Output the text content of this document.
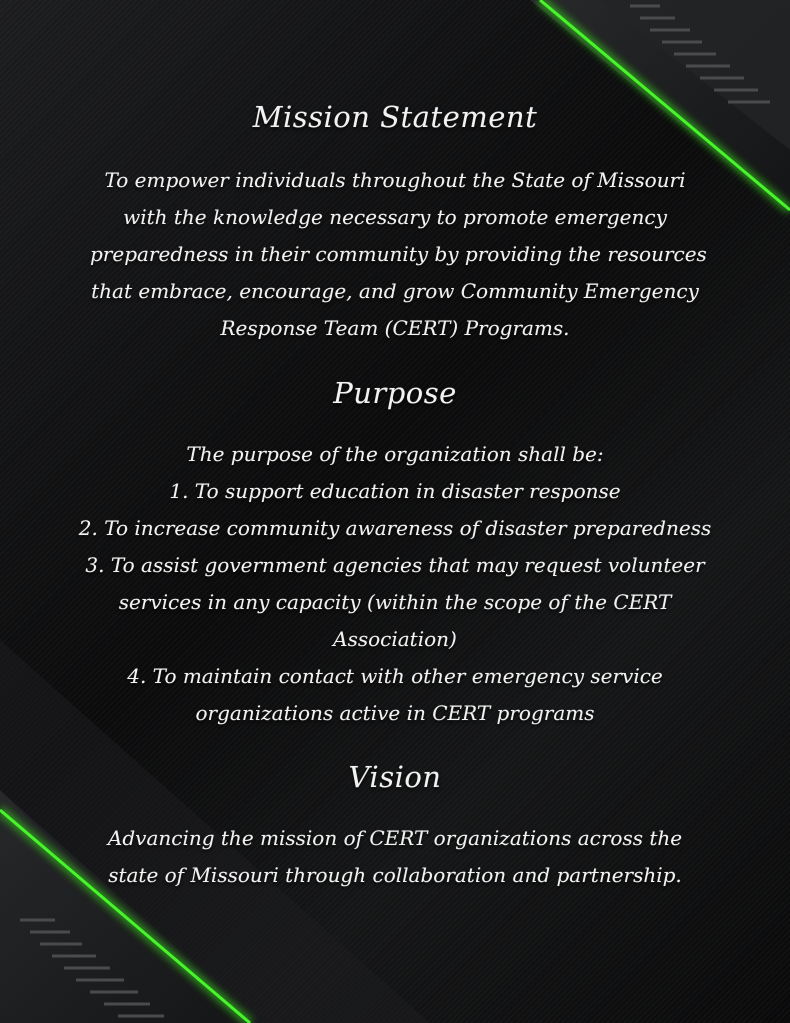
Mission Statement

To empower individuals throughout the State of Missouri
with the knowledge necessary to promote emergency
preparedness in their community by providing the resources
that embrace, encourage, and grow Community Emergency
Response Team (CERT) Programs.

Purpose

The purpose of the organization shall be:
1. To support education in disaster response
2. To increase community awareness of disaster preparedness
3. To assist government agencies that may request volunteer
services in any capacity (within the scope of the CERT
Association)
4. To maintain contact with other emergency service
organizations active in CERT programs

Vision

Advancing the mission of CERT organizations across the
state of Missouri through collaboration and partnership.
